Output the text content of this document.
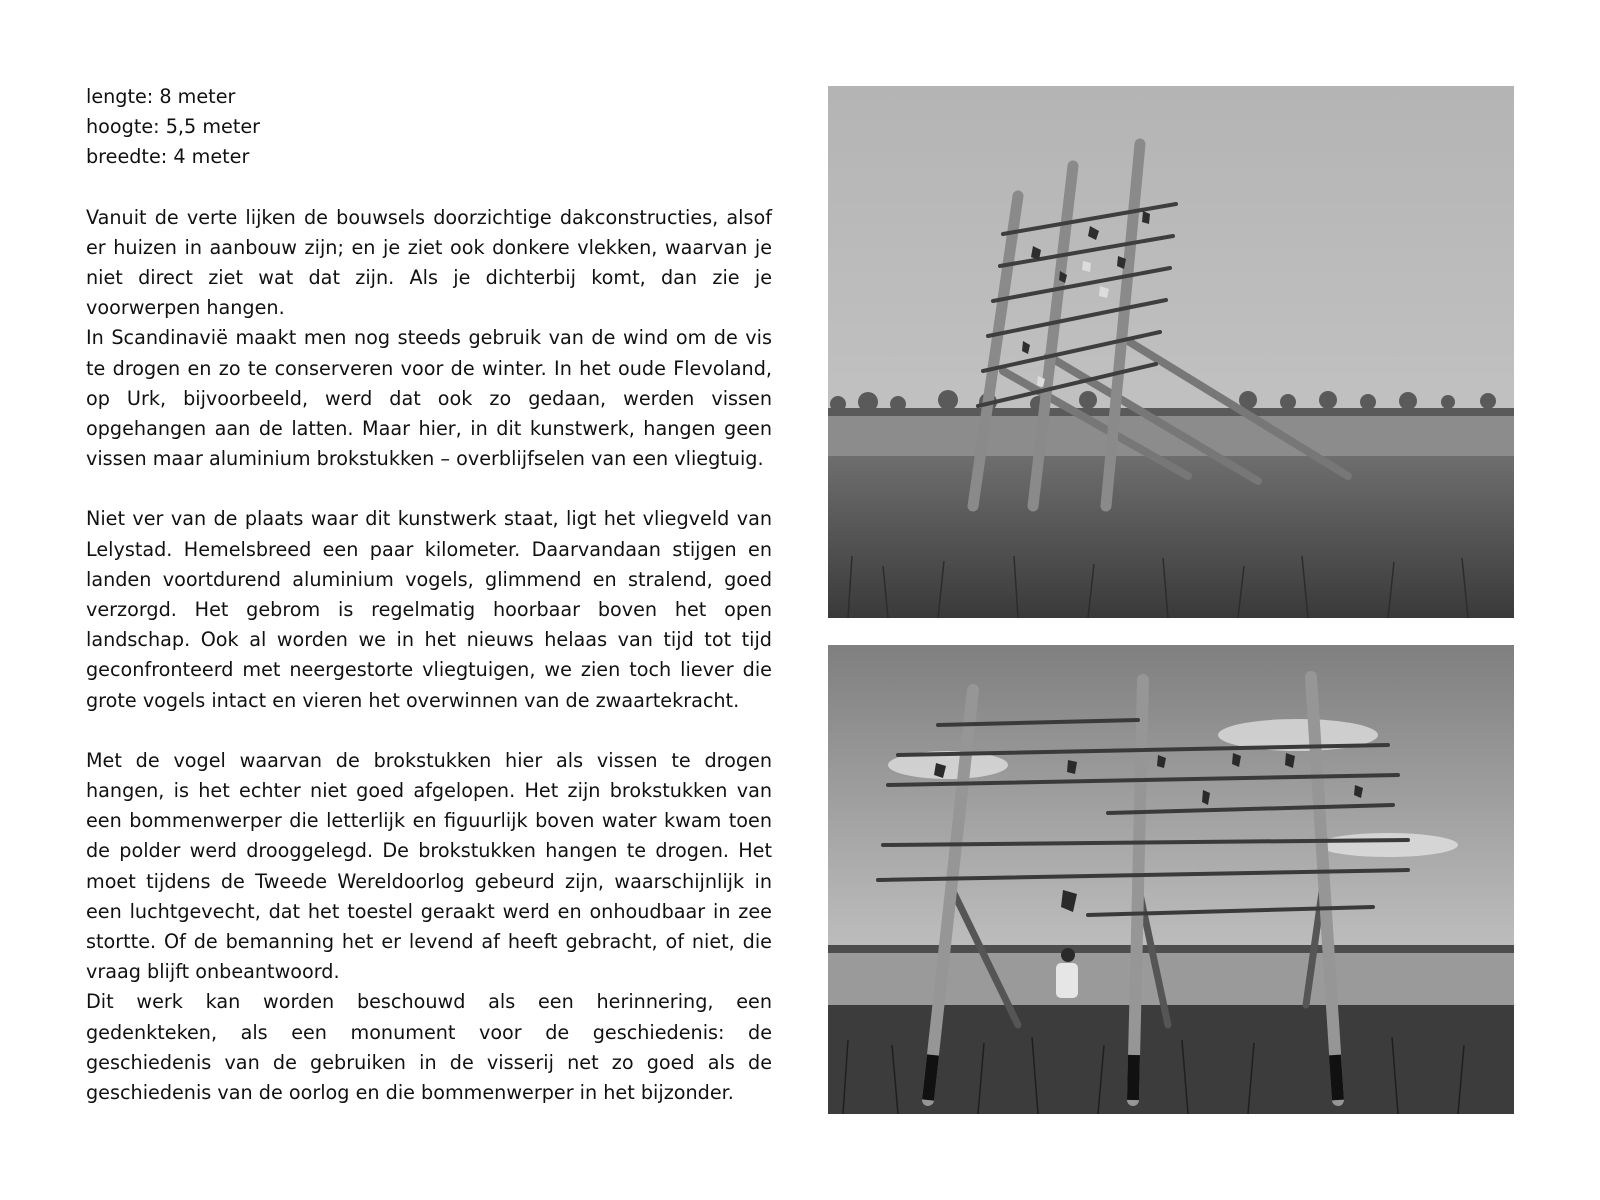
lengte: 8 meter

hoogte: 5,5 meter

breedte: 4 meter

Vanuit de verte lijken de bouwsels doorzichtige dakconstructies, alsof er huizen in aanbouw zijn; en je ziet ook donkere vlekken, waarvan je niet direct ziet wat dat zijn. Als je dichterbij komt, dan zie je voorwerpen hangen.

In Scandinavië maakt men nog steeds gebruik van de wind om de vis te drogen en zo te conserveren voor de winter. In het oude Flevoland, op Urk, bijvoorbeeld, werd dat ook zo gedaan, werden vissen opgehangen aan de latten. Maar hier, in dit kunstwerk, hangen geen vissen maar aluminium brokstukken – overblijfselen van een vliegtuig.

Niet ver van de plaats waar dit kunstwerk staat, ligt het vliegveld van Lelystad. Hemelsbreed een paar kilometer. Daarvandaan stijgen en landen voortdurend aluminium vogels, glimmend en stralend, goed verzorgd. Het gebrom is regelmatig hoorbaar boven het open landschap. Ook al worden we in het nieuws helaas van tijd tot tijd geconfronteerd met neergestorte vliegtuigen, we zien toch liever die grote vogels intact en vieren het overwinnen van de zwaartekracht.

Met de vogel waarvan de brokstukken hier als vissen te drogen hangen, is het echter niet goed afgelopen. Het zijn brokstukken van een bommenwerper die letterlijk en figuurlijk boven water kwam toen de polder werd drooggelegd. De brokstukken hangen te drogen. Het moet tijdens de Tweede Wereldoorlog gebeurd zijn, waarschijnlijk in een luchtgevecht, dat het toestel geraakt werd en onhoudbaar in zee stortte. Of de bemanning het er levend af heeft gebracht, of niet, die vraag blijft onbeantwoord.

Dit werk kan worden beschouwd als een herinnering, een gedenkteken, als een monument voor de geschiedenis: de geschiedenis van de gebruiken in de visserij net zo goed als de geschiedenis van de oorlog en die bommenwerper in het bijzonder.
